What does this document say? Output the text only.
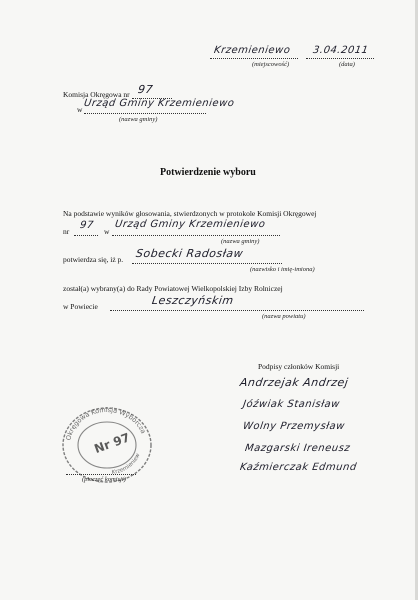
Krzemieniewo 3.04.2011
(miejscowość)	(data)
Komisja Okręgowa nr 97
w
Urząd Gminy Krzemieniewo
(nazwa gminy)
Potwierdzenie wyboru
Na podstawie wyników głosowania, stwierdzonych w protokole Komisji Okręgowej
nr
97
w
Urząd Gminy Krzemieniewo
(nazwa gminy)
potwierdza się, iż p. Sobecki Radosław
(nazwisko i imię-imiona)
został(a) wybrany(a) do Rady Powiatowej Wielkopolskiej Izby Rolniczej
w Powiecie	Leszczyńskim
(nazwa powiatu)
Podpisy członków Komisji
Andrzejak Andrzej
Jóźwiak Stanisław
Wolny Przemysław
Mazgarski Ireneusz
Kaźmierczak Edmund
Okręgowa Komisja Wyborcza
Nr 97
Krzemieniew
(pieczęć komisji)
